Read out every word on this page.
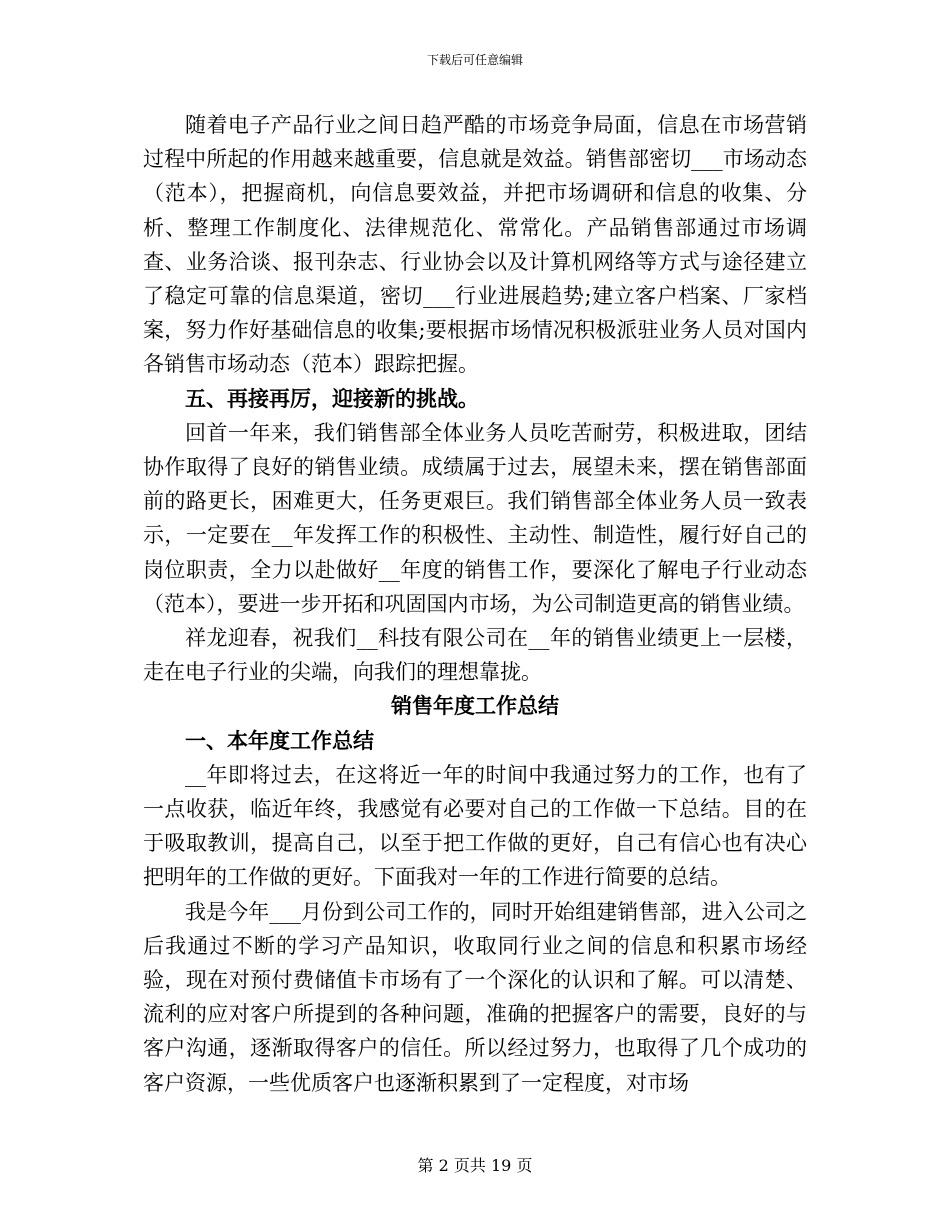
下载后可任意编辑

随着电子产品行业之间日趋严酷的市场竞争局面，信息在市场营销过程中所起的作用越来越重要，信息就是效益。销售部密切___市场动态（范本），把握商机，向信息要效益，并把市场调研和信息的收集、分析、整理工作制度化、法律规范化、常常化。产品销售部通过市场调查、业务洽谈、报刊杂志、行业协会以及计算机网络等方式与途径建立了稳定可靠的信息渠道，密切___行业进展趋势;建立客户档案、厂家档案，努力作好基础信息的收集;要根据市场情况积极派驻业务人员对国内各销售市场动态（范本）跟踪把握。

五、再接再厉，迎接新的挑战。

回首一年来，我们销售部全体业务人员吃苦耐劳，积极进取，团结协作取得了良好的销售业绩。成绩属于过去，展望未来，摆在销售部面前的路更长，困难更大，任务更艰巨。我们销售部全体业务人员一致表示，一定要在__年发挥工作的积极性、主动性、制造性，履行好自己的岗位职责，全力以赴做好__年度的销售工作，要深化了解电子行业动态（范本），要进一步开拓和巩固国内市场，为公司制造更高的销售业绩。

祥龙迎春，祝我们__科技有限公司在__年的销售业绩更上一层楼，走在电子行业的尖端，向我们的理想靠拢。

销售年度工作总结

一、本年度工作总结

__年即将过去，在这将近一年的时间中我通过努力的工作，也有了一点收获，临近年终，我感觉有必要对自己的工作做一下总结。目的在于吸取教训，提高自己，以至于把工作做的更好，自己有信心也有决心把明年的工作做的更好。下面我对一年的工作进行简要的总结。

我是今年___月份到公司工作的，同时开始组建销售部，进入公司之后我通过不断的学习产品知识，收取同行业之间的信息和积累市场经验，现在对预付费储值卡市场有了一个深化的认识和了解。可以清楚、流利的应对客户所提到的各种问题，准确的把握客户的需要，良好的与客户沟通，逐渐取得客户的信任。所以经过努力，也取得了几个成功的客户资源，一些优质客户也逐渐积累到了一定程度，对市场

第 2 页共 19 页
